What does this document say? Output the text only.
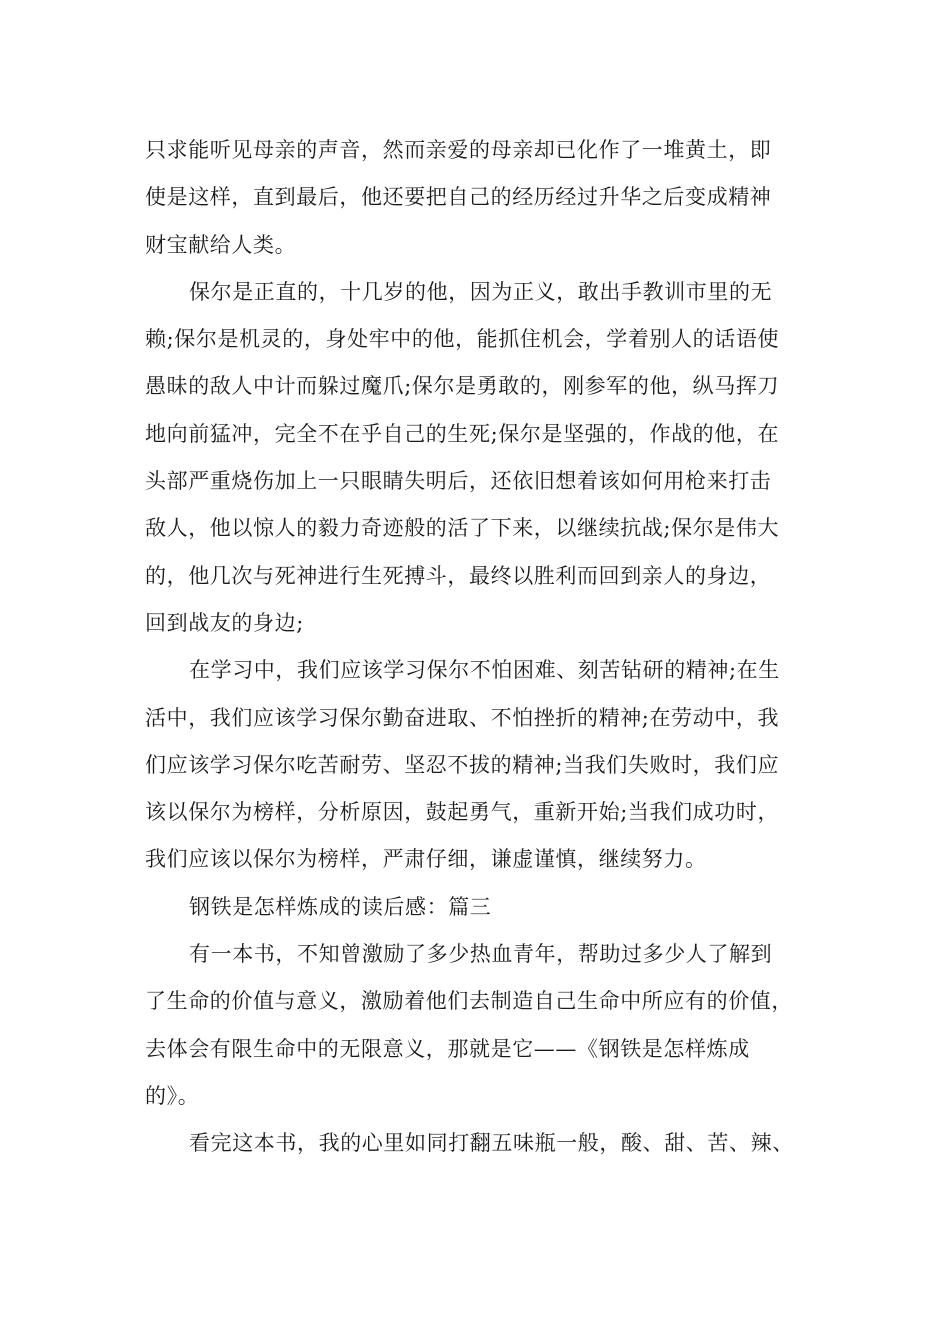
只求能听见母亲的声音，然而亲爱的母亲却已化作了一堆黄土，即
使是这样，直到最后，他还要把自己的经历经过升华之后变成精神
财宝献给人类。
保尔是正直的，十几岁的他，因为正义，敢出手教训市里的无
赖;保尔是机灵的，身处牢中的他，能抓住机会，学着别人的话语使
愚昧的敌人中计而躲过魔爪;保尔是勇敢的，刚参军的他，纵马挥刀
地向前猛冲，完全不在乎自己的生死;保尔是坚强的，作战的他，在
头部严重烧伤加上一只眼睛失明后，还依旧想着该如何用枪来打击
敌人，他以惊人的毅力奇迹般的活了下来，以继续抗战;保尔是伟大
的，他几次与死神进行生死搏斗，最终以胜利而回到亲人的身边，
回到战友的身边;
在学习中，我们应该学习保尔不怕困难、刻苦钻研的精神;在生
活中，我们应该学习保尔勤奋进取、不怕挫折的精神;在劳动中，我
们应该学习保尔吃苦耐劳、坚忍不拔的精神;当我们失败时，我们应
该以保尔为榜样，分析原因，鼓起勇气，重新开始;当我们成功时，
我们应该以保尔为榜样，严肃仔细，谦虚谨慎，继续努力。
钢铁是怎样炼成的读后感：篇三
有一本书，不知曾激励了多少热血青年，帮助过多少人了解到
了生命的价值与意义，激励着他们去制造自己生命中所应有的价值，
去体会有限生命中的无限意义，那就是它——《钢铁是怎样炼成
的》。
看完这本书，我的心里如同打翻五味瓶一般，酸、甜、苦、辣、
